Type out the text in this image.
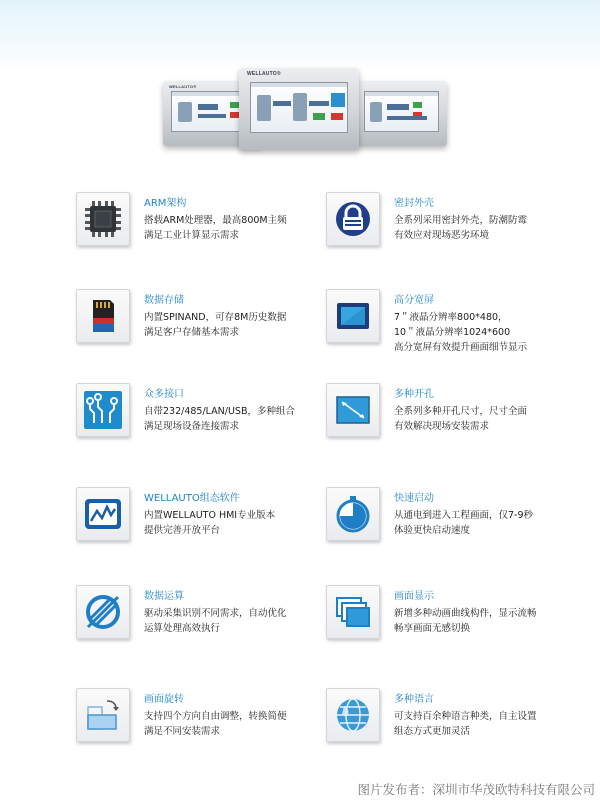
WELLAUTO®
WELLAUTO®
ARM架构
搭载ARM处理器，最高800M主频
满足工业计算显示需求
密封外壳
全系列采用密封外壳，防潮防霉
有效应对现场恶劣环境
数据存储
内置SPINAND，可存8M历史数据
满足客户存储基本需求
高分宽屏
7＂液晶分辨率800*480，
10＂液晶分辨率1024*600
高分宽屏有效提升画面细节显示
众多接口
自带232/485/LAN/USB，多种组合
满足现场设备连接需求
多种开孔
全系列多种开孔尺寸，尺寸全面
有效解决现场安装需求
WELLAUTO组态软件
内置WELLAUTO HMI专业版本
提供完善开放平台
快速启动
从通电到进入工程画面，仅7-9秒
体验更快启动速度
数据运算
驱动采集识别不同需求，自动优化
运算处理高效执行
画面显示
新增多种动画曲线构件，显示流畅
畅享画面无感切换
画面旋转
支持四个方向自由调整，转换简便
满足不同安装需求
多种语言
可支持百余种语言种类，自主设置
组态方式更加灵活
图片发布者：深圳市华茂欧特科技有限公司
